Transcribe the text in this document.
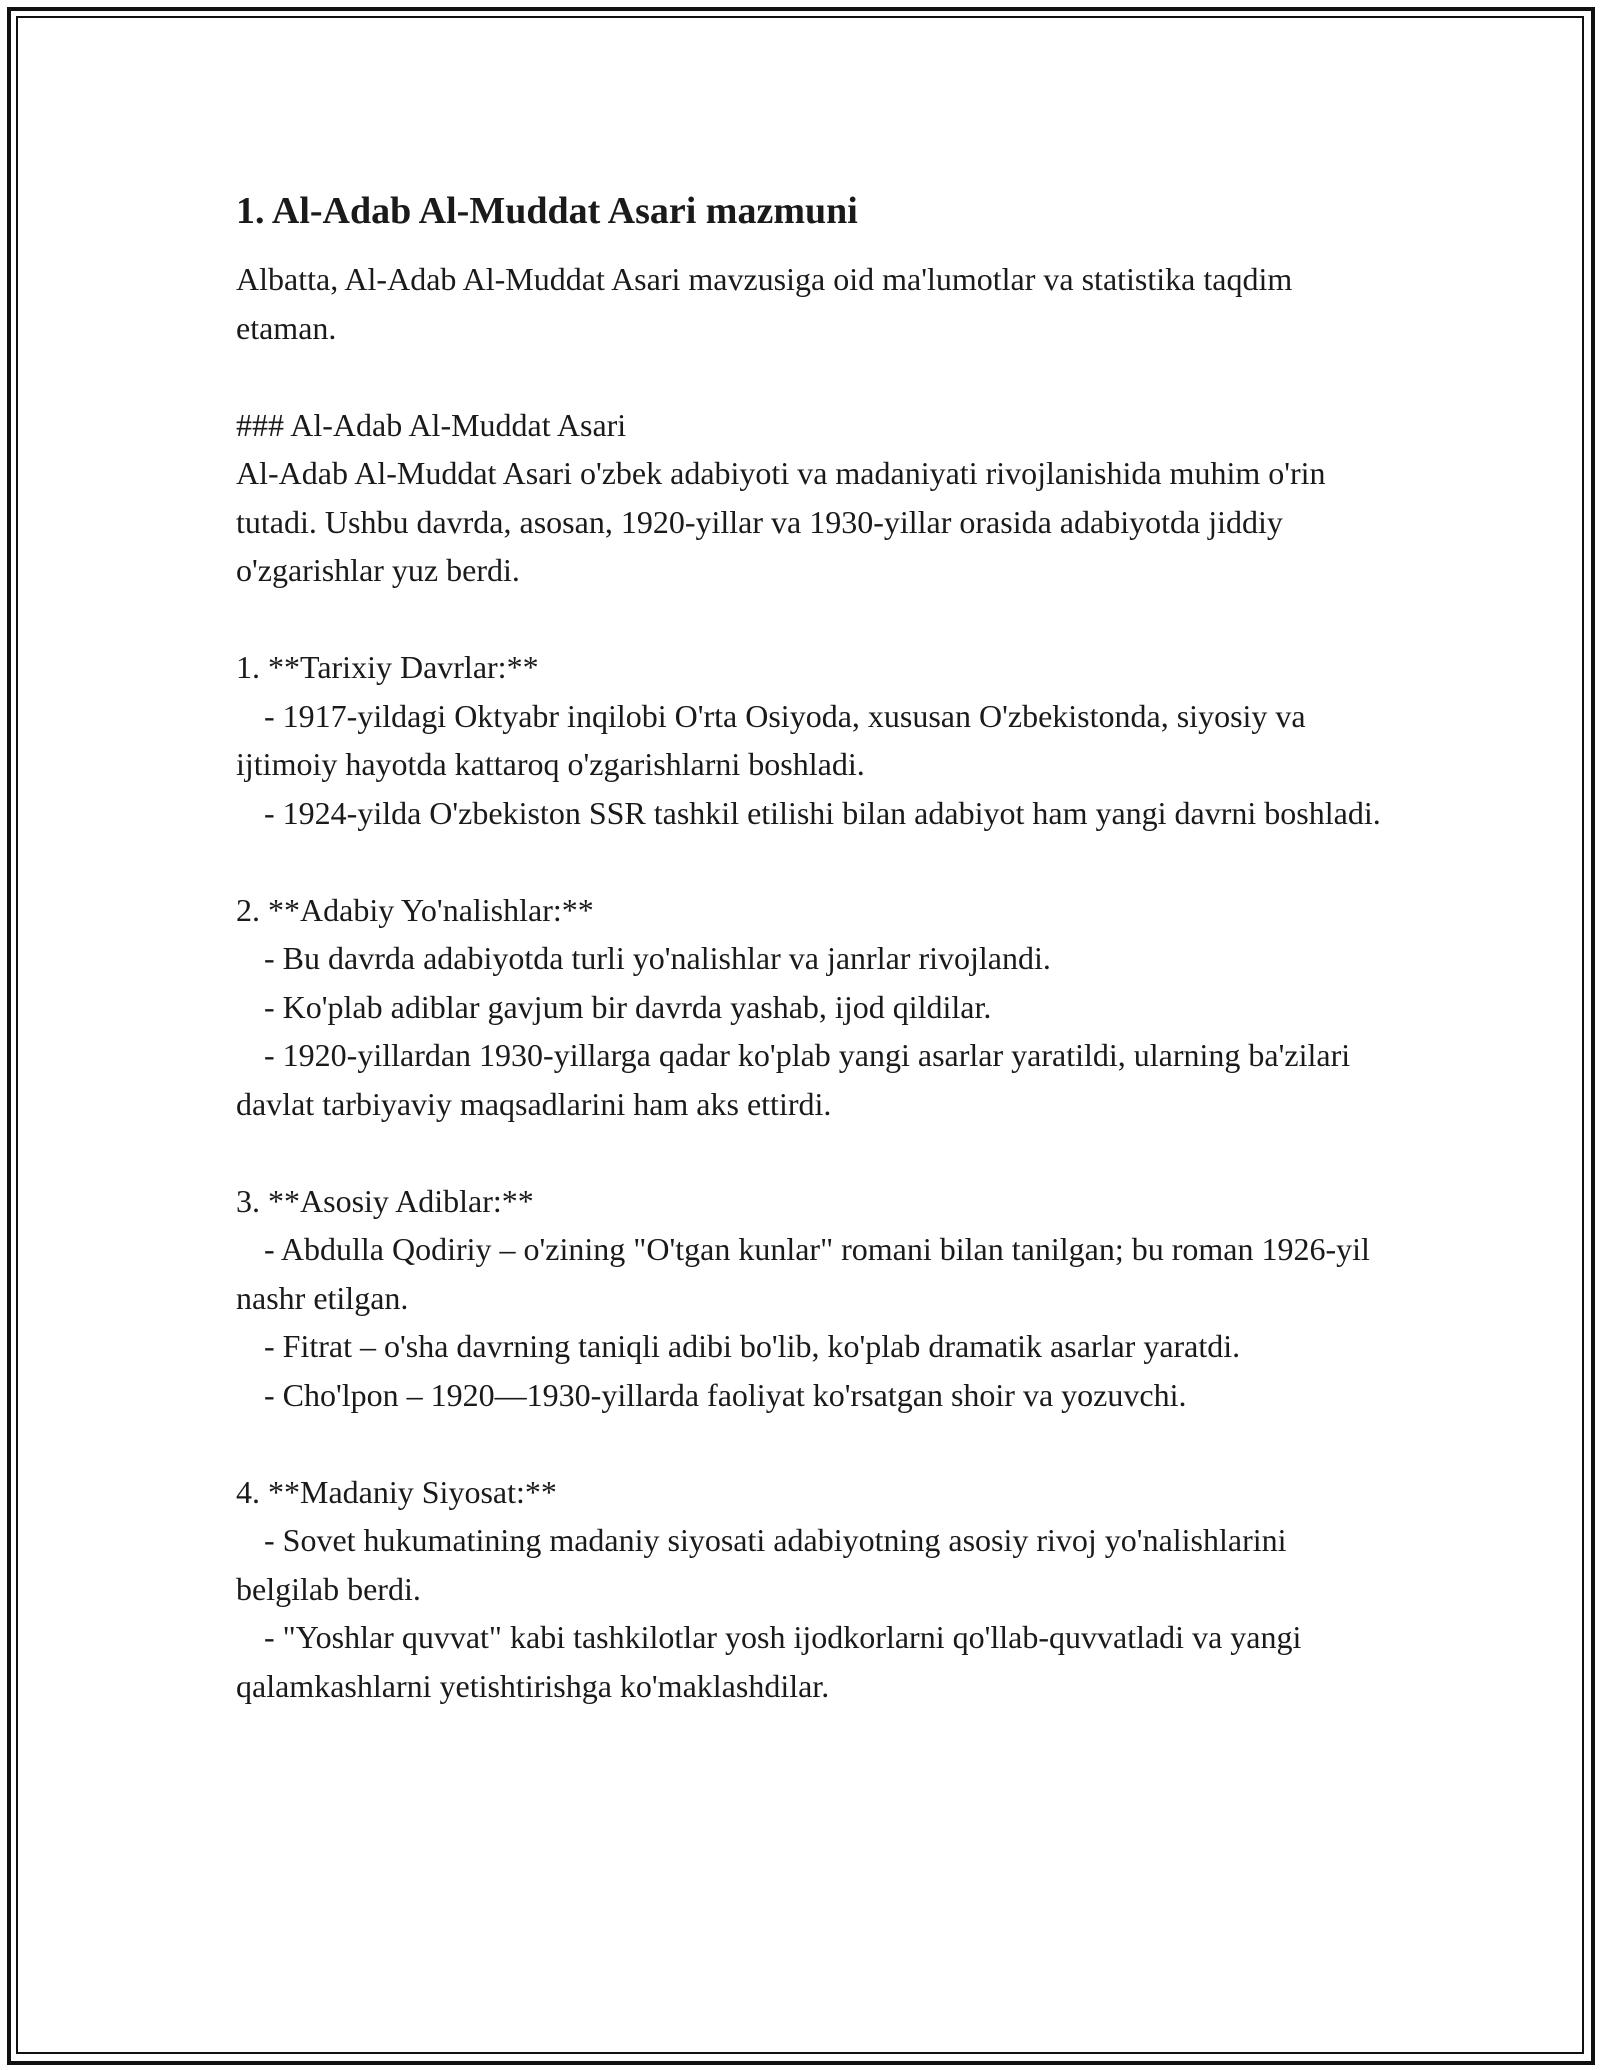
1. Al-Adab Al-Muddat Asari mazmuni

Albatta, Al-Adab Al-Muddat Asari mavzusiga oid ma'lumotlar va statistika taqdim etaman.

### Al-Adab Al-Muddat Asari

Al-Adab Al-Muddat Asari o'zbek adabiyoti va madaniyati rivojlanishida muhim o'rin tutadi. Ushbu davrda, asosan, 1920-yillar va 1930-yillar orasida adabiyotda jiddiy o'zgarishlar yuz berdi.

1. **Tarixiy Davrlar:**

- 1917-yildagi Oktyabr inqilobi O'rta Osiyoda, xususan O'zbekistonda, siyosiy va ijtimoiy hayotda kattaroq o'zgarishlarni boshladi.

- 1924-yilda O'zbekiston SSR tashkil etilishi bilan adabiyot ham yangi davrni boshladi.

2. **Adabiy Yo'nalishlar:**

- Bu davrda adabiyotda turli yo'nalishlar va janrlar rivojlandi.

- Ko'plab adiblar gavjum bir davrda yashab, ijod qildilar.

- 1920-yillardan 1930-yillarga qadar ko'plab yangi asarlar yaratildi, ularning ba'zilari davlat tarbiyaviy maqsadlarini ham aks ettirdi.

3. **Asosiy Adiblar:**

- Abdulla Qodiriy – o'zining "O'tgan kunlar" romani bilan tanilgan; bu roman 1926-yil nashr etilgan.

- Fitrat – o'sha davrning taniqli adibi bo'lib, ko'plab dramatik asarlar yaratdi.

- Cho'lpon – 1920—1930-yillarda faoliyat ko'rsatgan shoir va yozuvchi.

4. **Madaniy Siyosat:**

- Sovet hukumatining madaniy siyosati adabiyotning asosiy rivoj yo'nalishlarini belgilab berdi.

- "Yoshlar quvvat" kabi tashkilotlar yosh ijodkorlarni qo'llab-quvvatladi va yangi qalamkashlarni yetishtirishga ko'maklashdilar.
